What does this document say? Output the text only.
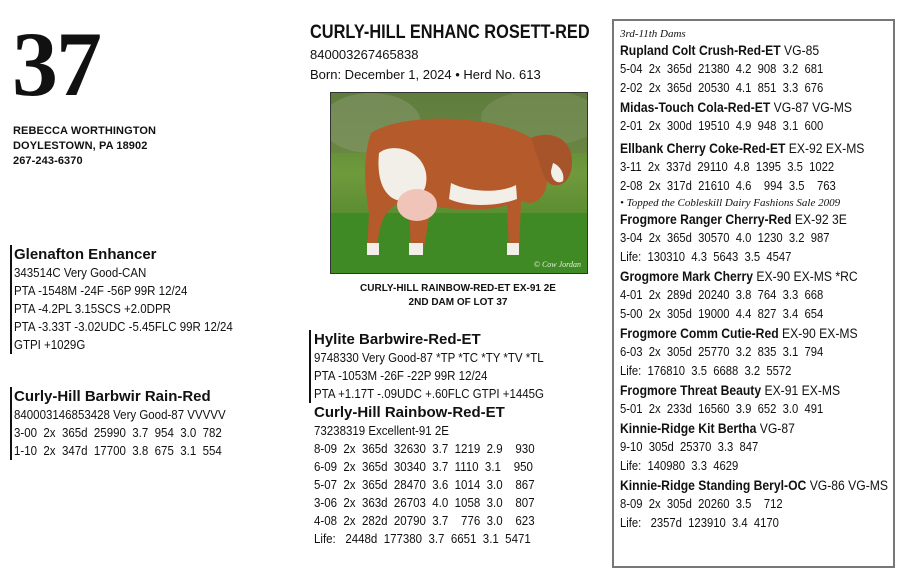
37
REBECCA WORTHINGTON
DOYLESTOWN, PA 18902
267-243-6370
Glenafton Enhancer
343514C Very Good-CAN
PTA -1548M -24F -56P 99R 12/24
PTA -4.2PL 3.15SCS +2.0DPR
PTA -3.33T -3.02UDC -5.45FLC 99R 12/24
GTPI +1029G
Curly-Hill Barbwir Rain-Red
840003146853428 Very Good-87 VVVVV
3-00  2x  365d  25990  3.7  954  3.0  782
1-10  2x  347d  17700  3.8  675  3.1  554
CURLY-HILL ENHANC ROSETT-RED
840003267465838
Born: December 1, 2024 • Herd No. 613
© Cow Jordan
CURLY-HILL RAINBOW-RED-ET EX-91 2E
2ND DAM OF LOT 37
Hylite Barbwire-Red-ET
9748330 Very Good-87 *TP *TC *TY *TV *TL
PTA -1053M -26F -22P 99R 12/24
PTA +1.17T -.09UDC +.60FLC GTPI +1445G
Curly-Hill Rainbow-Red-ET
73238319 Excellent-91 2E
8-09  2x  365d  32630  3.7  1219  2.9    930
6-09  2x  365d  30340  3.7  1110  3.1    950
5-07  2x  365d  28470  3.6  1014  3.0    867
3-06  2x  363d  26703  4.0  1058  3.0    807
4-08  2x  282d  20790  3.7    776  3.0    623
Life:   2448d  177380  3.7  6651  3.1  5471
3rd-11th Dams
Rupland Colt Crush-Red-ET VG-85
5-04  2x  365d  21380  4.2  908  3.2  681
2-02  2x  365d  20530  4.1  851  3.3  676
Midas-Touch Cola-Red-ET VG-87 VG-MS
2-01  2x  300d  19510  4.9  948  3.1  600
Ellbank Cherry Coke-Red-ET EX-92 EX-MS
3-11  2x  337d  29110  4.8  1395  3.5  1022
2-08  2x  317d  21610  4.6    994  3.5    763
• Topped the Cobleskill Dairy Fashions Sale 2009
Frogmore Ranger Cherry-Red EX-92 3E
3-04  2x  365d  30570  4.0  1230  3.2  987
Life:  130310  4.3  5643  3.5  4547
Grogmore Mark Cherry EX-90 EX-MS *RC
4-01  2x  289d  20240  3.8  764  3.3  668
5-00  2x  305d  19000  4.4  827  3.4  654
Frogmore Comm Cutie-Red EX-90 EX-MS
6-03  2x  305d  25770  3.2  835  3.1  794
Life:  176810  3.5  6688  3.2  5572
Frogmore Threat Beauty EX-91 EX-MS
5-01  2x  233d  16560  3.9  652  3.0  491
Kinnie-Ridge Kit Bertha VG-87
9-10  305d  25370  3.3  847
Life:  140980  3.3  4629
Kinnie-Ridge Standing Beryl-OC VG-86 VG-MS
8-09  2x  305d  20260  3.5    712
Life:   2357d  123910  3.4  4170
